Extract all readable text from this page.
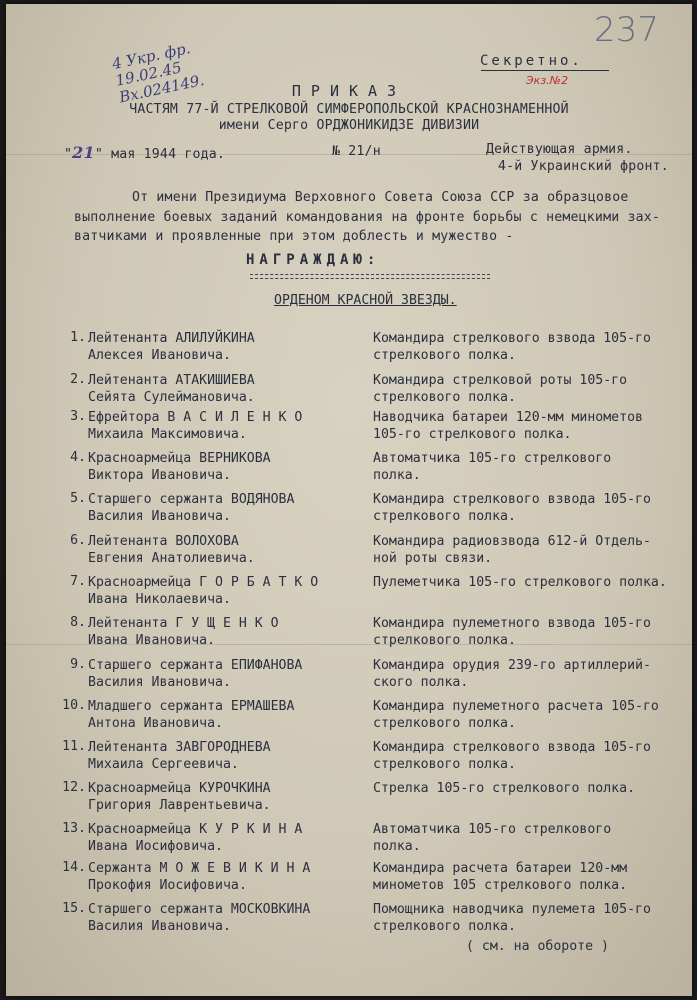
4 Укр. фр.
19.02.45
Вх.024149.
237
Секретно.
Экз.№2
ПРИКАЗ
ЧАСТЯМ 77-Й СТРЕЛКОВОЙ СИМФЕРОПОЛЬСКОЙ КРАСНОЗНАМЕННОЙ
имени Серго ОРДЖОНИКИДЗЕ ДИВИЗИИ
"21" мая 1944 года.	№ 21/н	Действующая армия.
4-й Украинский фронт.
От имени Президиума Верховного Совета Союза ССР за образцовое
выполнение боевых заданий командования на фронте борьбы с немецкими зах-
ватчиками и проявленные при этом доблесть и мужество -
НАГРАЖДАЮ:
ОРДЕНОМ КРАСНОЙ ЗВЕЗДЫ.
1. Лейтенанта АЛИЛУЙКИНА
Алексея Ивановича.
Командира стрелкового взвода 105-го
стрелкового полка.
2. Лейтенанта АТАКИШИЕВА
Сейята Сулеймановича.
Командира стрелковой роты 105-го
стрелкового полка.
3. Ефрейтора В А С И Л Е Н К О
Михаила Максимовича.
Наводчика батареи 120-мм минометов
105-го стрелкового полка.
4. Красноармейца ВЕРНИКОВА
Виктора Ивановича.
Автоматчика 105-го стрелкового
полка.
5. Старшего сержанта ВОДЯНОВА
Василия Ивановича.
Командира стрелкового взвода 105-го
стрелкового полка.
6. Лейтенанта ВОЛОХОВА
Евгения Анатолиевича.
Командира радиовзвода 612-й Отдель-
ной роты связи.
7. Красноармейца Г О Р Б А Т К О
Ивана Николаевича.
Пулеметчика 105-го стрелкового полка.
8. Лейтенанта Г У Щ Е Н К О
Ивана Ивановича.
Командира пулеметного взвода 105-го
стрелкового полка.
9. Старшего сержанта ЕПИФАНОВА
Василия Ивановича.
Командира орудия 239-го артиллерий-
ского полка.
10. Младшего сержанта ЕРМАШЕВА
Антона Ивановича.
Командира пулеметного расчета 105-го
стрелкового полка.
11. Лейтенанта ЗАВГОРОДНЕВА
Михаила Сергеевича.
Командира стрелкового взвода 105-го
стрелкового полка.
12. Красноармейца КУРОЧКИНА
Григория Лаврентьевича.
Стрелка 105-го стрелкового полка.
13. Красноармейца К У Р К И Н А
Ивана Иосифовича.
Автоматчика 105-го стрелкового
полка.
14. Сержанта М О Ж Е В И К И Н А
Прокофия Иосифовича.
Командира расчета батареи 120-мм
минометов 105 стрелкового полка.
15. Старшего сержанта МОСКОВКИНА
Василия Ивановича.
Помощника наводчика пулемета 105-го
стрелкового полка.
( см. на обороте )
